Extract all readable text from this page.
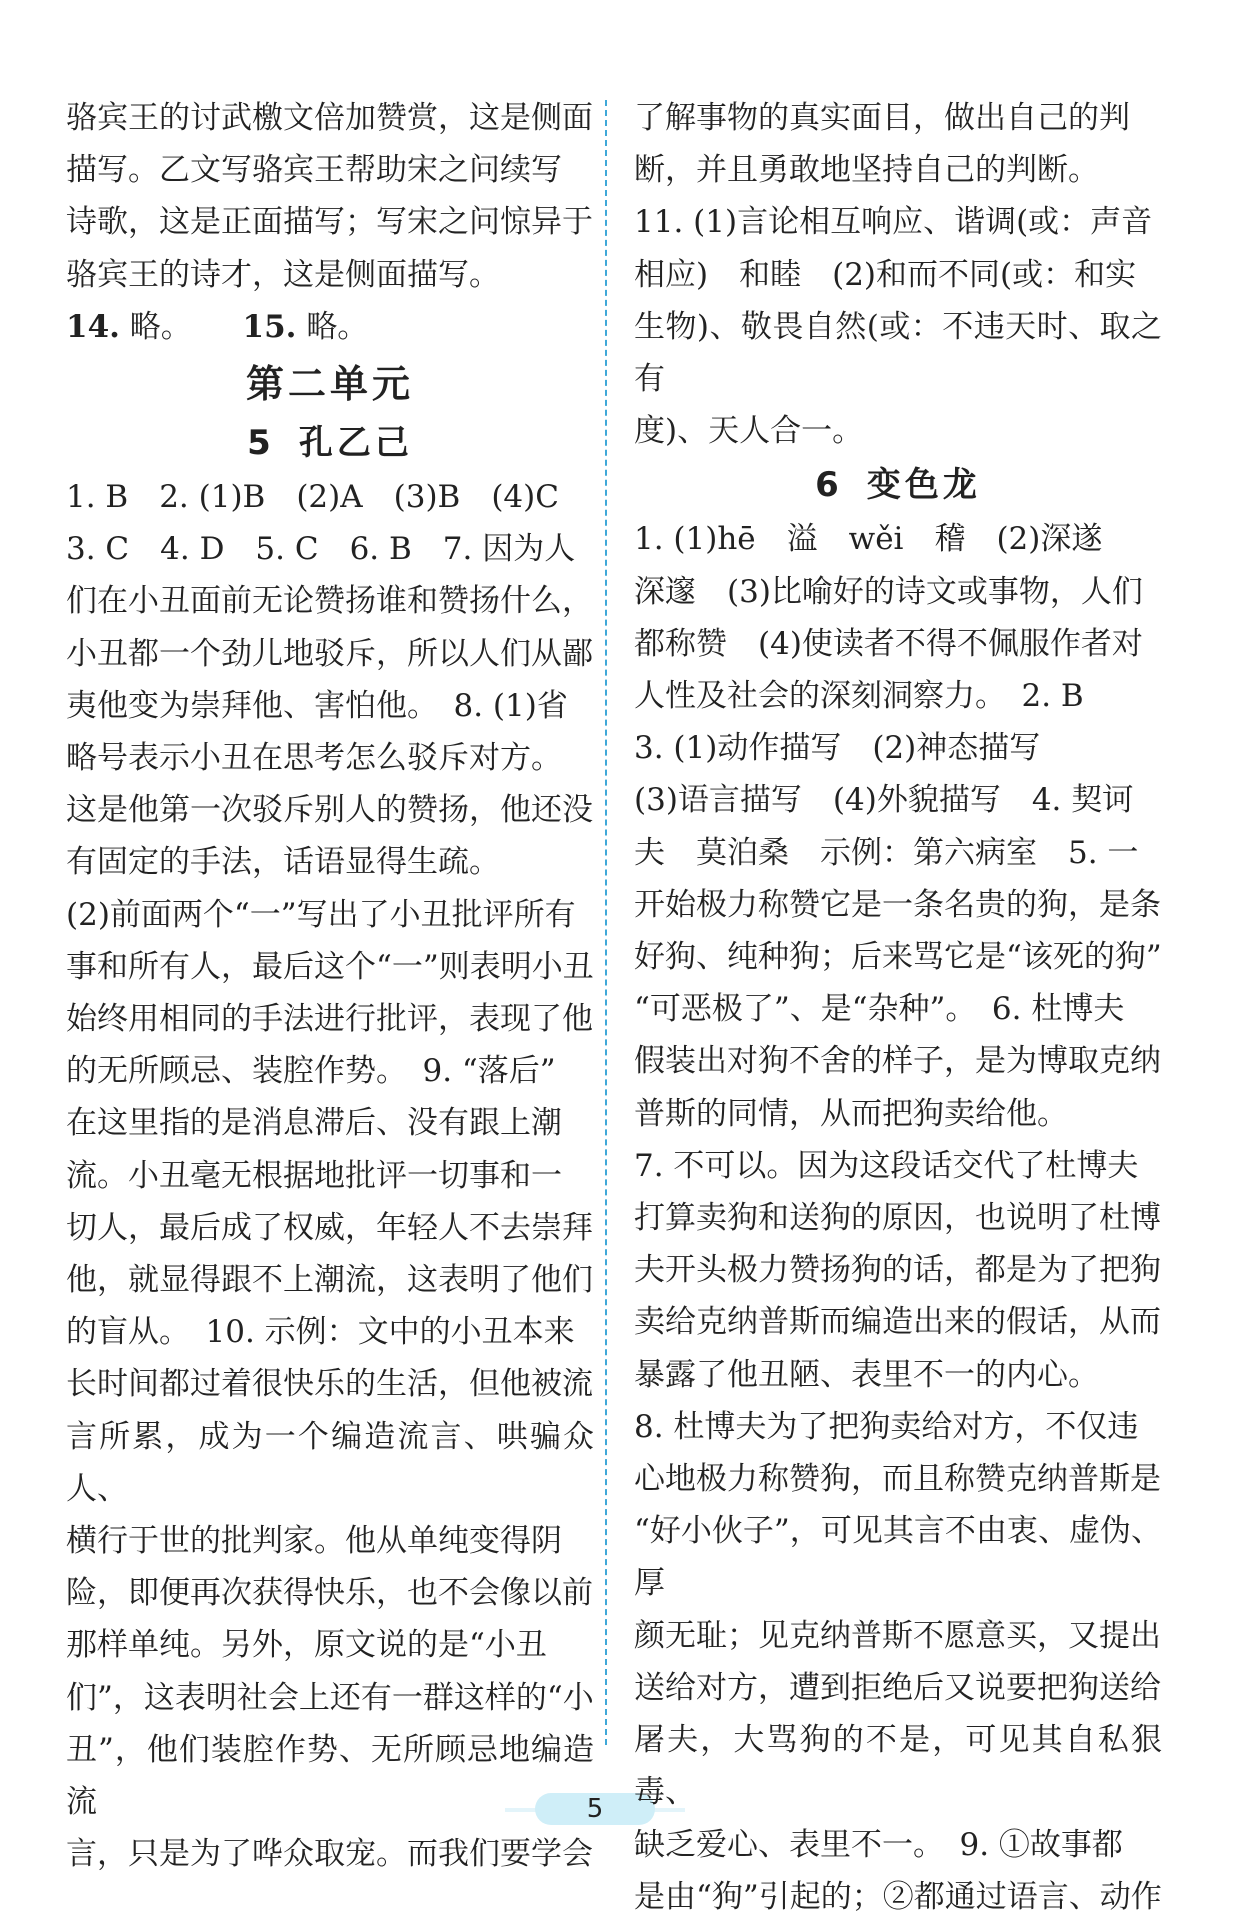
骆宾王的讨武檄文倍加赞赏，这是侧面

描写。乙文写骆宾王帮助宋之问续写

诗歌，这是正面描写；写宋之问惊异于

骆宾王的诗才，这是侧面描写。

14. 略。 　 15. 略。

第二单元
5 孔乙己

1. B　2. (1)B　(2)A　(3)B　(4)C

3. C　4. D　5. C　6. B　7. 因为人

们在小丑面前无论赞扬谁和赞扬什么，

小丑都一个劲儿地驳斥，所以人们从鄙

夷他变为崇拜他、害怕他。　8. (1)省

略号表示小丑在思考怎么驳斥对方。

这是他第一次驳斥别人的赞扬，他还没

有固定的手法，话语显得生疏。

(2)前面两个“一”写出了小丑批评所有

事和所有人，最后这个“一”则表明小丑

始终用相同的手法进行批评，表现了他

的无所顾忌、装腔作势。　9. “落后”

在这里指的是消息滞后、没有跟上潮

流。小丑毫无根据地批评一切事和一

切人，最后成了权威，年轻人不去崇拜

他，就显得跟不上潮流，这表明了他们

的盲从。　10. 示例：文中的小丑本来

长时间都过着很快乐的生活，但他被流

言所累，成为一个编造流言、哄骗众人、

横行于世的批判家。他从单纯变得阴

险，即便再次获得快乐，也不会像以前

那样单纯。另外，原文说的是“小丑

们”，这表明社会上还有一群这样的“小

丑”，他们装腔作势、无所顾忌地编造流

言，只是为了哗众取宠。而我们要学会

了解事物的真实面目，做出自己的判

断，并且勇敢地坚持自己的判断。

11. (1)言论相互响应、谐调(或：声音

相应)　和睦　(2)和而不同(或：和实

生物)、敬畏自然(或：不违天时、取之有

度)、天人合一。

6 变色龙

1. (1)hē　溢　wěi　稽　(2)深遂

深邃　(3)比喻好的诗文或事物，人们

都称赞　(4)使读者不得不佩服作者对

人性及社会的深刻洞察力。　2. B

3. (1)动作描写　(2)神态描写

(3)语言描写　(4)外貌描写　4. 契诃

夫　莫泊桑　示例：第六病室　5. 一

开始极力称赞它是一条名贵的狗，是条

好狗、纯种狗；后来骂它是“该死的狗”

“可恶极了”、是“杂种”。　6. 杜博夫

假装出对狗不舍的样子，是为博取克纳

普斯的同情，从而把狗卖给他。

7. 不可以。因为这段话交代了杜博夫

打算卖狗和送狗的原因，也说明了杜博

夫开头极力赞扬狗的话，都是为了把狗

卖给克纳普斯而编造出来的假话，从而

暴露了他丑陋、表里不一的内心。

8. 杜博夫为了把狗卖给对方，不仅违

心地极力称赞狗，而且称赞克纳普斯是

“好小伙子”，可见其言不由衷、虚伪、厚

颜无耻；见克纳普斯不愿意买，又提出

送给对方，遭到拒绝后又说要把狗送给

屠夫，大骂狗的不是，可见其自私狠毒、

缺乏爱心、表里不一。　9. ①故事都

是由“狗”引起的；②都通过语言、动作

5
